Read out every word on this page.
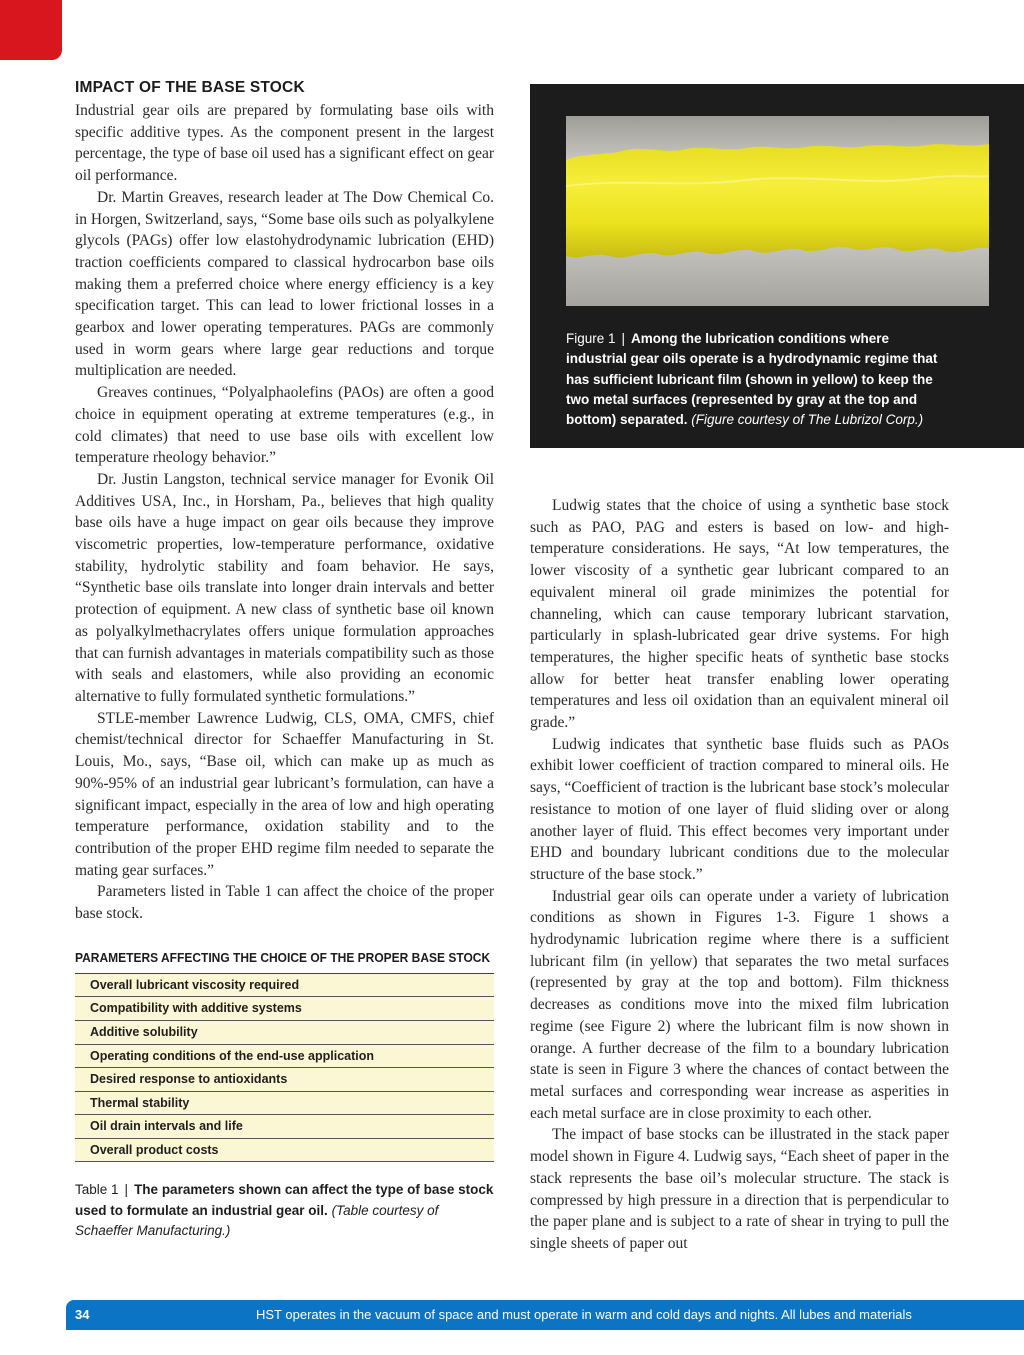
IMPACT OF THE BASE STOCK

Industrial gear oils are prepared by formulating base oils with specific additive types. As the component present in the largest percentage, the type of base oil used has a significant effect on gear oil performance.

Dr. Martin Greaves, research leader at The Dow Chemical Co. in Horgen, Switzerland, says, “Some base oils such as polyalkylene glycols (PAGs) offer low elastohydrodynamic lubrication (EHD) traction coefficients compared to classical hydrocarbon base oils making them a preferred choice where energy efficiency is a key specification target. This can lead to lower frictional losses in a gearbox and lower operating temperatures. PAGs are commonly used in worm gears where large gear reductions and torque multiplication are needed.

Greaves continues, “Polyalphaolefins (PAOs) are often a good choice in equipment operating at extreme temperatures (e.g., in cold climates) that need to use base oils with excellent low temperature rheology behavior.”

Dr. Justin Langston, technical service manager for Evonik Oil Additives USA, Inc., in Horsham, Pa., believes that high quality base oils have a huge impact on gear oils because they improve viscometric properties, low-temperature performance, oxidative stability, hydrolytic stability and foam behavior. He says, “Synthetic base oils translate into longer drain intervals and better protection of equipment. A new class of synthetic base oil known as polyalkylmethacrylates offers unique formulation approaches that can furnish advantages in materials compatibility such as those with seals and elastomers, while also providing an economic alternative to fully formulated synthetic formulations.”

STLE-member Lawrence Ludwig, CLS, OMA, CMFS, chief chemist/technical director for Schaeffer Manufacturing in St. Louis, Mo., says, “Base oil, which can make up as much as 90%-95% of an industrial gear lubricant’s formulation, can have a significant impact, especially in the area of low and high operating temperature performance, oxidation stability and to the contribution of the proper EHD regime film needed to separate the mating gear surfaces.”

Parameters listed in Table 1 can affect the choice of the proper base stock.

PARAMETERS AFFECTING THE CHOICE OF THE PROPER BASE STOCK
Overall lubricant viscosity required
Compatibility with additive systems
Additive solubility
Operating conditions of the end-use application
Desired response to antioxidants
Thermal stability
Oil drain intervals and life
Overall product costs
Table 1 | The parameters shown can affect the type of base stock used to formulate an industrial gear oil. (Table courtesy of Schaeffer Manufacturing.)
Figure 1 | Among the lubrication conditions where industrial gear oils operate is a hydrodynamic regime that has sufficient lubricant film (shown in yellow) to keep the two metal surfaces (represented by gray at the top and bottom) separated. (Figure courtesy of The Lubrizol Corp.)

Ludwig states that the choice of using a synthetic base stock such as PAO, PAG and esters is based on low- and high-temperature considerations. He says, “At low temperatures, the lower viscosity of a synthetic gear lubricant compared to an equivalent mineral oil grade minimizes the potential for channeling, which can cause temporary lubricant starvation, particularly in splash-lubricated gear drive systems. For high temperatures, the higher specific heats of synthetic base stocks allow for better heat transfer enabling lower operating temperatures and less oil oxidation than an equivalent mineral oil grade.”

Ludwig indicates that synthetic base fluids such as PAOs exhibit lower coefficient of traction compared to mineral oils. He says, “Coefficient of traction is the lubricant base stock’s molecular resistance to motion of one layer of fluid sliding over or along another layer of fluid. This effect becomes very important under EHD and boundary lubricant conditions due to the molecular structure of the base stock.”

Industrial gear oils can operate under a variety of lubrication conditions as shown in Figures 1-3. Figure 1 shows a hydrodynamic lubrication regime where there is a sufficient lubricant film (in yellow) that separates the two metal surfaces (represented by gray at the top and bottom). Film thickness decreases as conditions move into the mixed film lubrication regime (see Figure 2) where the lubricant film is now shown in orange. A further decrease of the film to a boundary lubrication state is seen in Figure 3 where the chances of contact between the metal surfaces and corresponding wear increase as asperities in each metal surface are in close proximity to each other.

The impact of base stocks can be illustrated in the stack paper model shown in Figure 4. Ludwig says, “Each sheet of paper in the stack represents the base oil’s molecular structure. The stack is compressed by high pressure in a direction that is perpendicular to the paper plane and is subject to a rate of shear in trying to pull the single sheets of paper out

34	HST operates in the vacuum of space and must operate in warm and cold days and nights. All lubes and materials
